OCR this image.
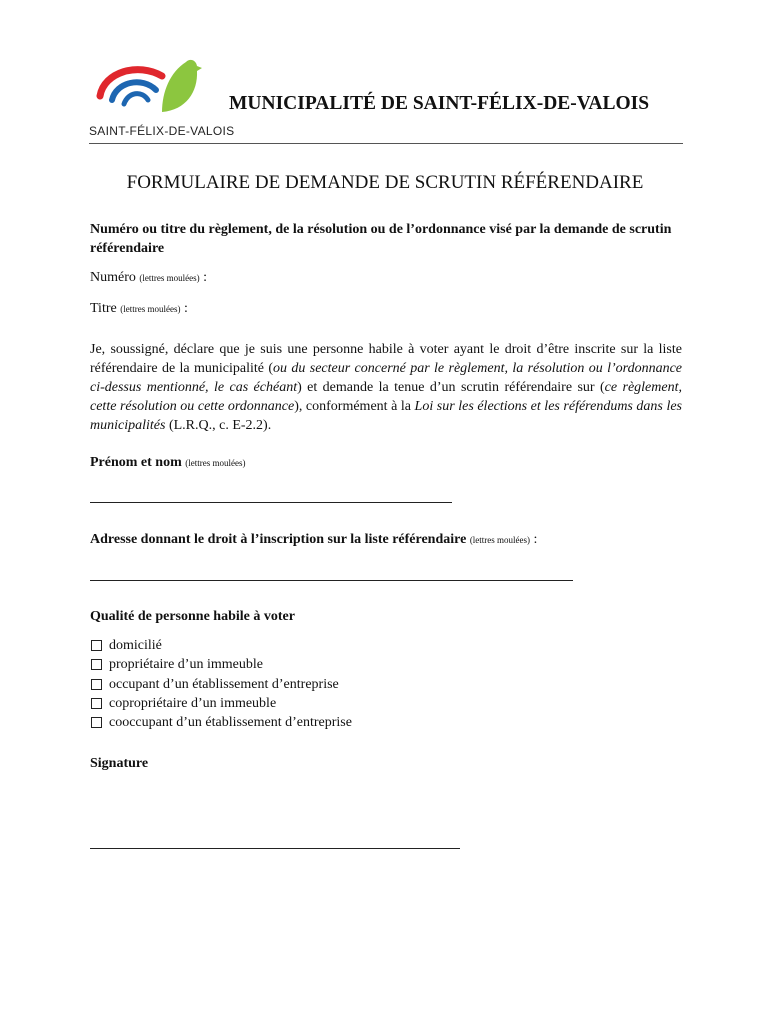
SAINT-FÉLIX-DE-VALOIS
MUNICIPALITÉ DE SAINT-FÉLIX-DE-VALOIS
FORMULAIRE DE DEMANDE DE SCRUTIN RÉFÉRENDAIRE
Numéro ou titre du règlement, de la résolution ou de l’ordonnance visé par la demande de scrutin référendaire
Numéro (lettres moulées) :
Titre (lettres moulées) :
Je, soussigné, déclare que je suis une personne habile à voter ayant le droit d’être inscrite sur la liste référendaire de la municipalité (ou du secteur concerné par le règlement, la résolution ou l’ordonnance ci-dessus mentionné, le cas échéant) et demande la tenue d’un scrutin référendaire sur (ce règlement, cette résolution ou cette ordonnance), conformément à la Loi sur les élections et les référendums dans les municipalités (L.R.Q., c. E-2.2).
Prénom et nom (lettres moulées)
Adresse donnant le droit à l’inscription sur la liste référendaire (lettres moulées) :
Qualité de personne habile à voter
domicilié
propriétaire d’un immeuble
occupant d’un établissement d’entreprise
copropriétaire d’un immeuble
cooccupant d’un établissement d’entreprise
Signature
